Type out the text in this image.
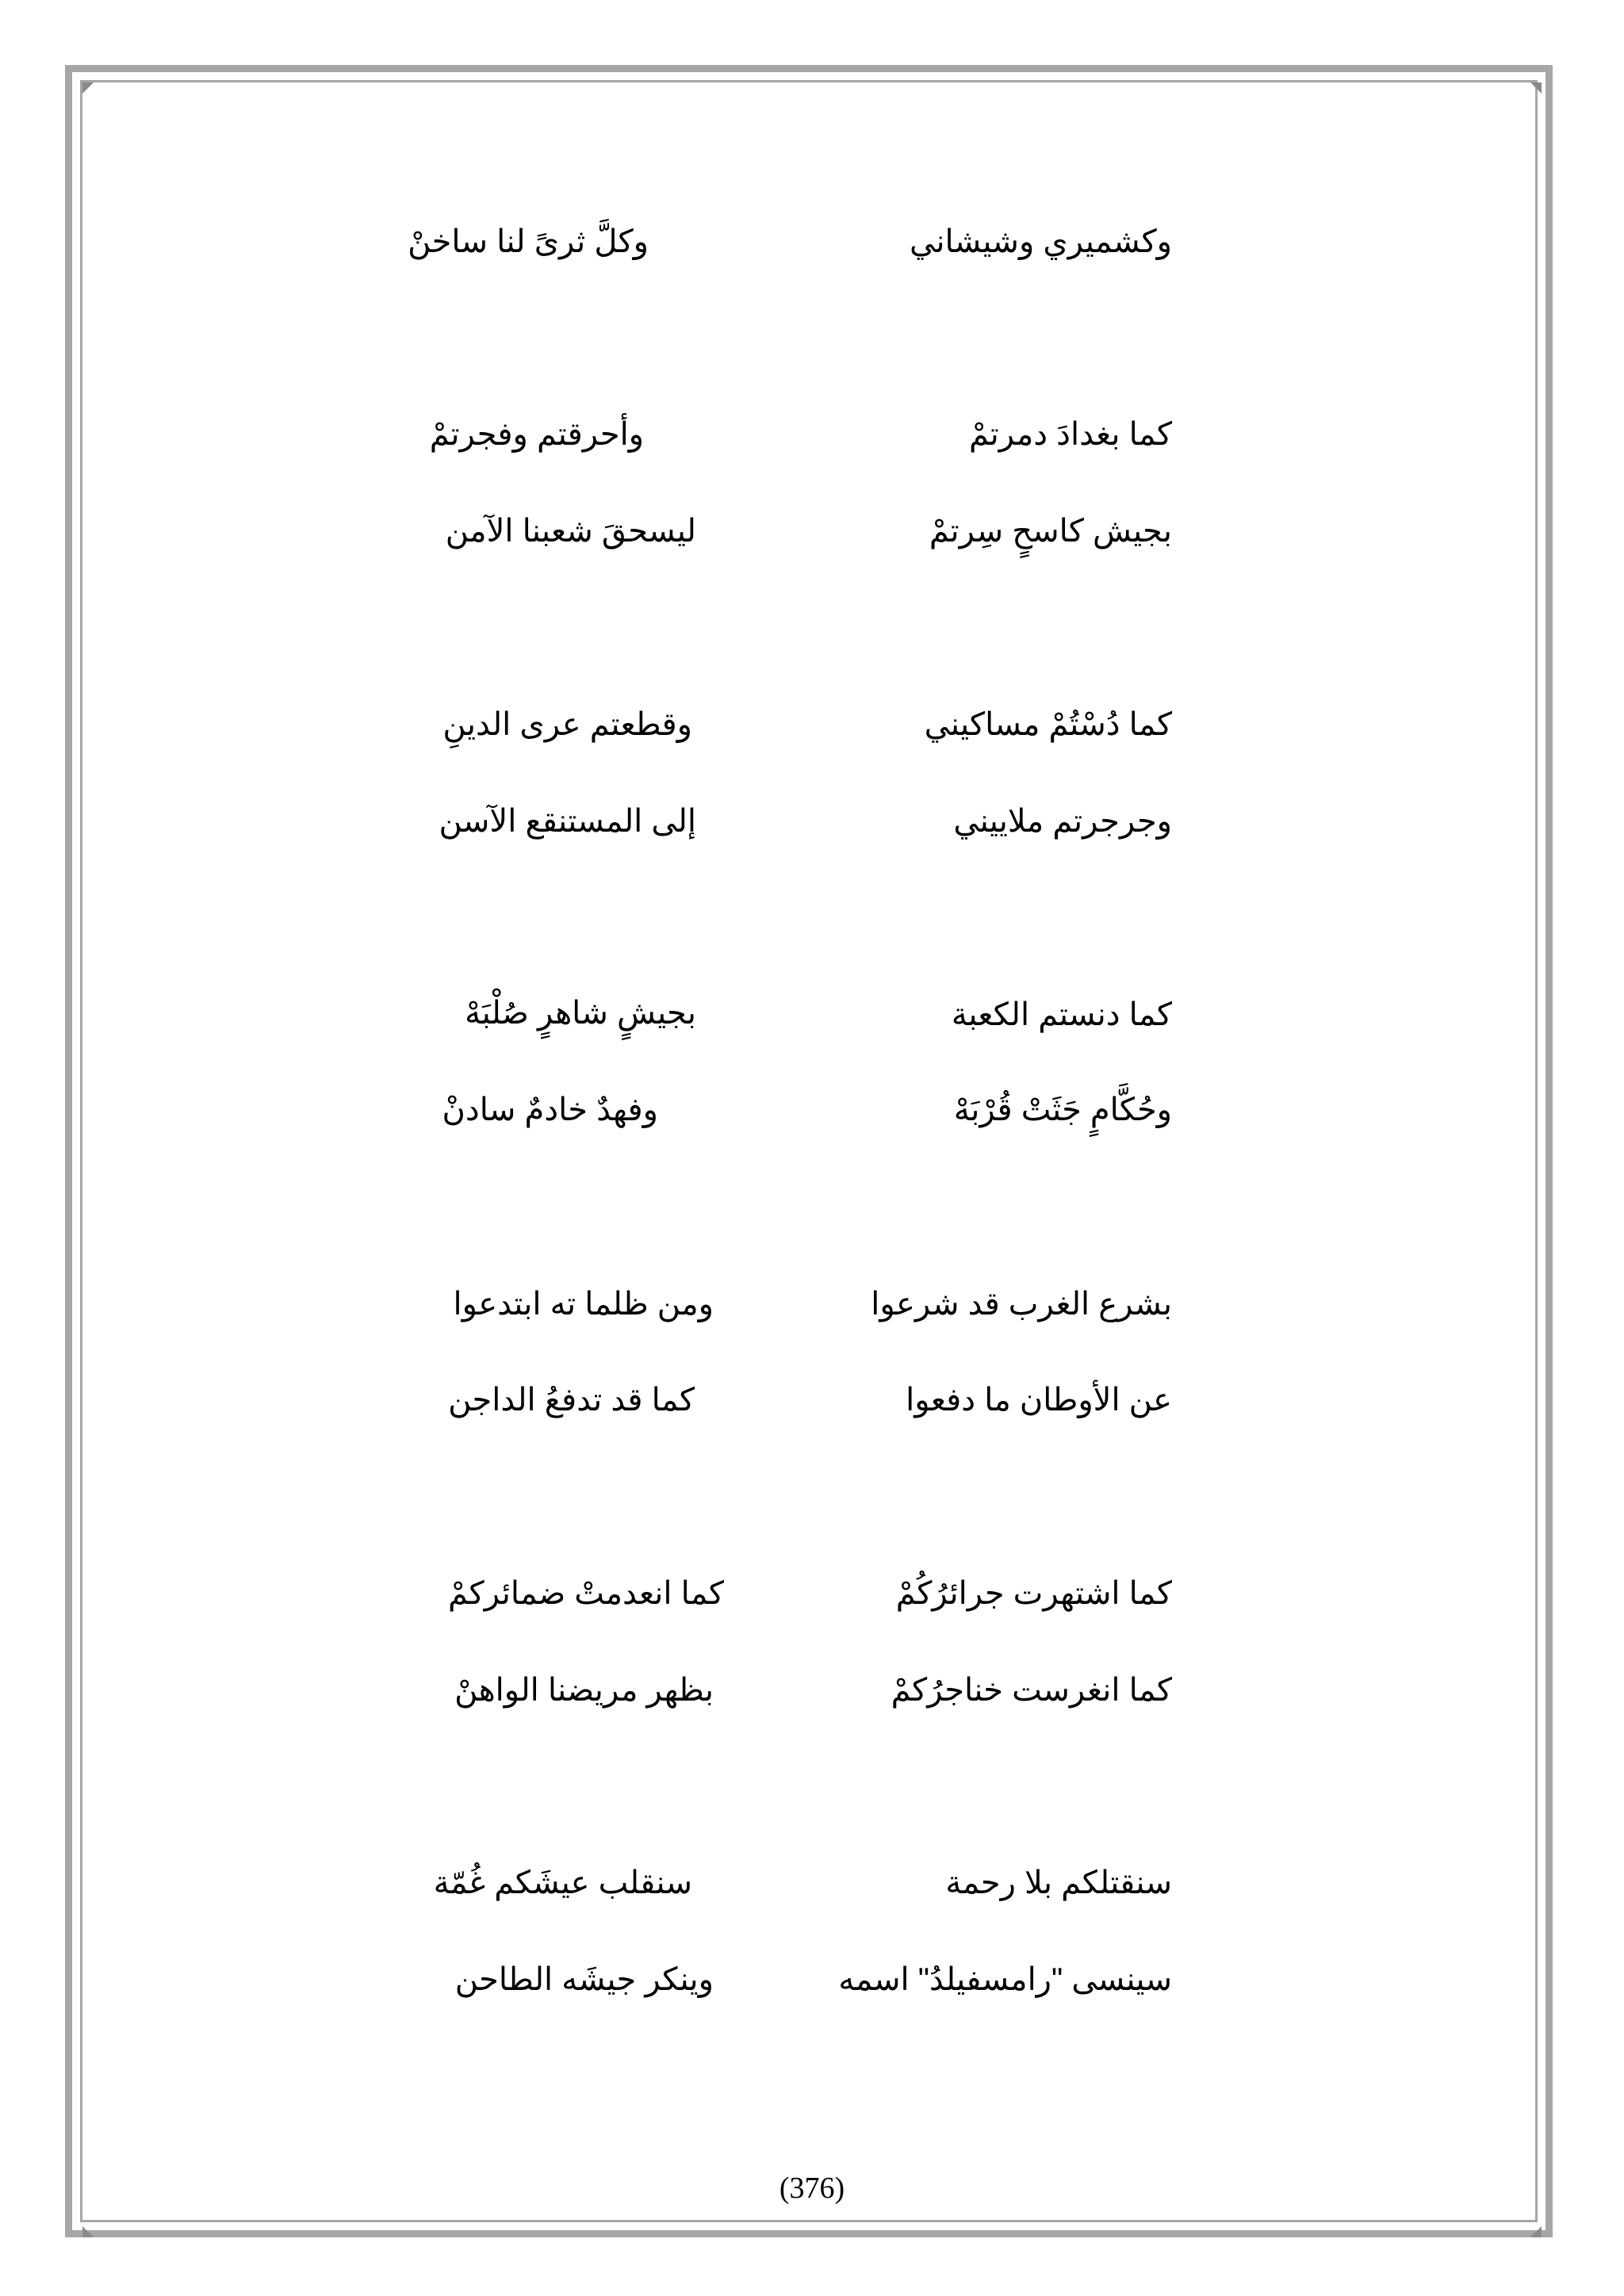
وكشميري وشيشاني
وكلَّ ثرىً لنا ساخنْ
كما بغدادَ دمرتمْ
وأحرقتم وفجرتمْ
بجيش كاسحٍ سِرتمْ
ليسحقَ شعبنا الآمن
كما دُسْتُمْ مساكيني
وقطعتم عرى الدينِ
وجرجرتم ملاييني
إلى المستنقع الآسن
كما دنستم الكعبة
بجيشٍ شاهرٍ صُلْبَهْ
وحُكَّامٍ جَثَتْ قُرْبَهْ
وفهدٌ خادمٌ سادنْ
بشرع الغرب قد شرعوا
ومن ظلما ته ابتدعوا
عن الأوطان ما دفعوا
كما قد تدفعُ الداجن
كما اشتهرت جرائرُكُمْ
كما انعدمتْ ضمائركمْ
كما انغرست خناجرُكمْ
بظهر مريضنا الواهنْ
سنقتلكم بلا رحمة
سنقلب عيشَكم غُمّة
سينسى "رامسفيلدُ" اسمه
وينكر جيشَه الطاحن
(376)
